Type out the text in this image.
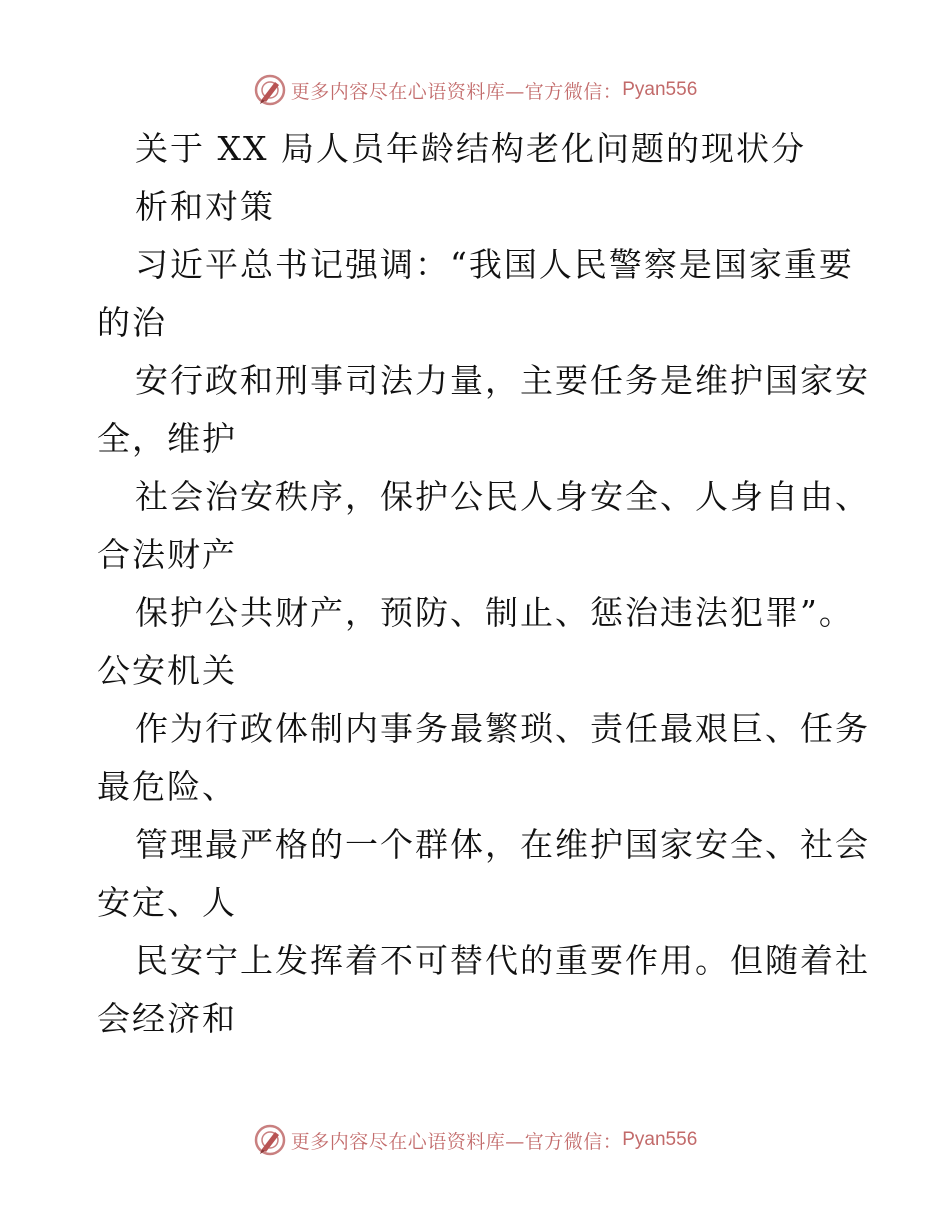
更多内容尽在心语资料库—官方微信： Pyan556
关于 XX 局人员年龄结构老化问题的现状分
析和对策
习近平总书记强调：“我国人民警察是国家重要
的治
安行政和刑事司法力量，主要任务是维护国家安
全，维护
社会治安秩序，保护公民人身安全、人身自由、
合法财产
保护公共财产，预防、制止、惩治违法犯罪”。
公安机关
作为行政体制内事务最繁琐、责任最艰巨、任务
最危险、
管理最严格的一个群体，在维护国家安全、社会
安定、人
民安宁上发挥着不可替代的重要作用。但随着社
会经济和
更多内容尽在心语资料库—官方微信： Pyan556
